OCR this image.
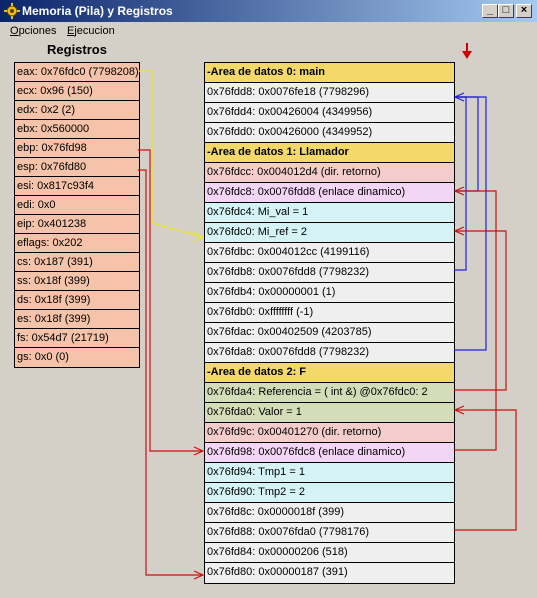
Memoria (Pila) y Registros	_ □	×
Opciones Ejecucion
Registros
eax: 0x76fdc0 (7798208)
ecx: 0x96 (150)
edx: 0x2 (2)
ebx: 0x560000
ebp: 0x76fd98
esp: 0x76fd80
esi: 0x817c93f4
edi: 0x0
eip: 0x401238
eflags: 0x202
cs: 0x187 (391)
ss: 0x18f (399)
ds: 0x18f (399)
es: 0x18f (399)
fs: 0x54d7 (21719)
gs: 0x0 (0)
-Area de datos 0: main
0x76fdd8: 0x0076fe18 (7798296)
0x76fdd4: 0x00426004 (4349956)
0x76fdd0: 0x00426000 (4349952)
-Area de datos 1: Llamador
0x76fdcc: 0x004012d4 (dir. retorno)
0x76fdc8: 0x0076fdd8 (enlace dinamico)
0x76fdc4: Mi_val = 1
0x76fdc0: Mi_ref = 2
0x76fdbc: 0x004012cc (4199116)
0x76fdb8: 0x0076fdd8 (7798232)
0x76fdb4: 0x00000001 (1)
0x76fdb0: 0xffffffff (-1)
0x76fdac: 0x00402509 (4203785)
0x76fda8: 0x0076fdd8 (7798232)
-Area de datos 2: F
0x76fda4: Referencia = ( int &) @0x76fdc0: 2
0x76fda0: Valor = 1
0x76fd9c: 0x00401270 (dir. retorno)
0x76fd98: 0x0076fdc8 (enlace dinamico)
0x76fd94: Tmp1 = 1
0x76fd90: Tmp2 = 2
0x76fd8c: 0x0000018f (399)
0x76fd88: 0x0076fda0 (7798176)
0x76fd84: 0x00000206 (518)
0x76fd80: 0x00000187 (391)
